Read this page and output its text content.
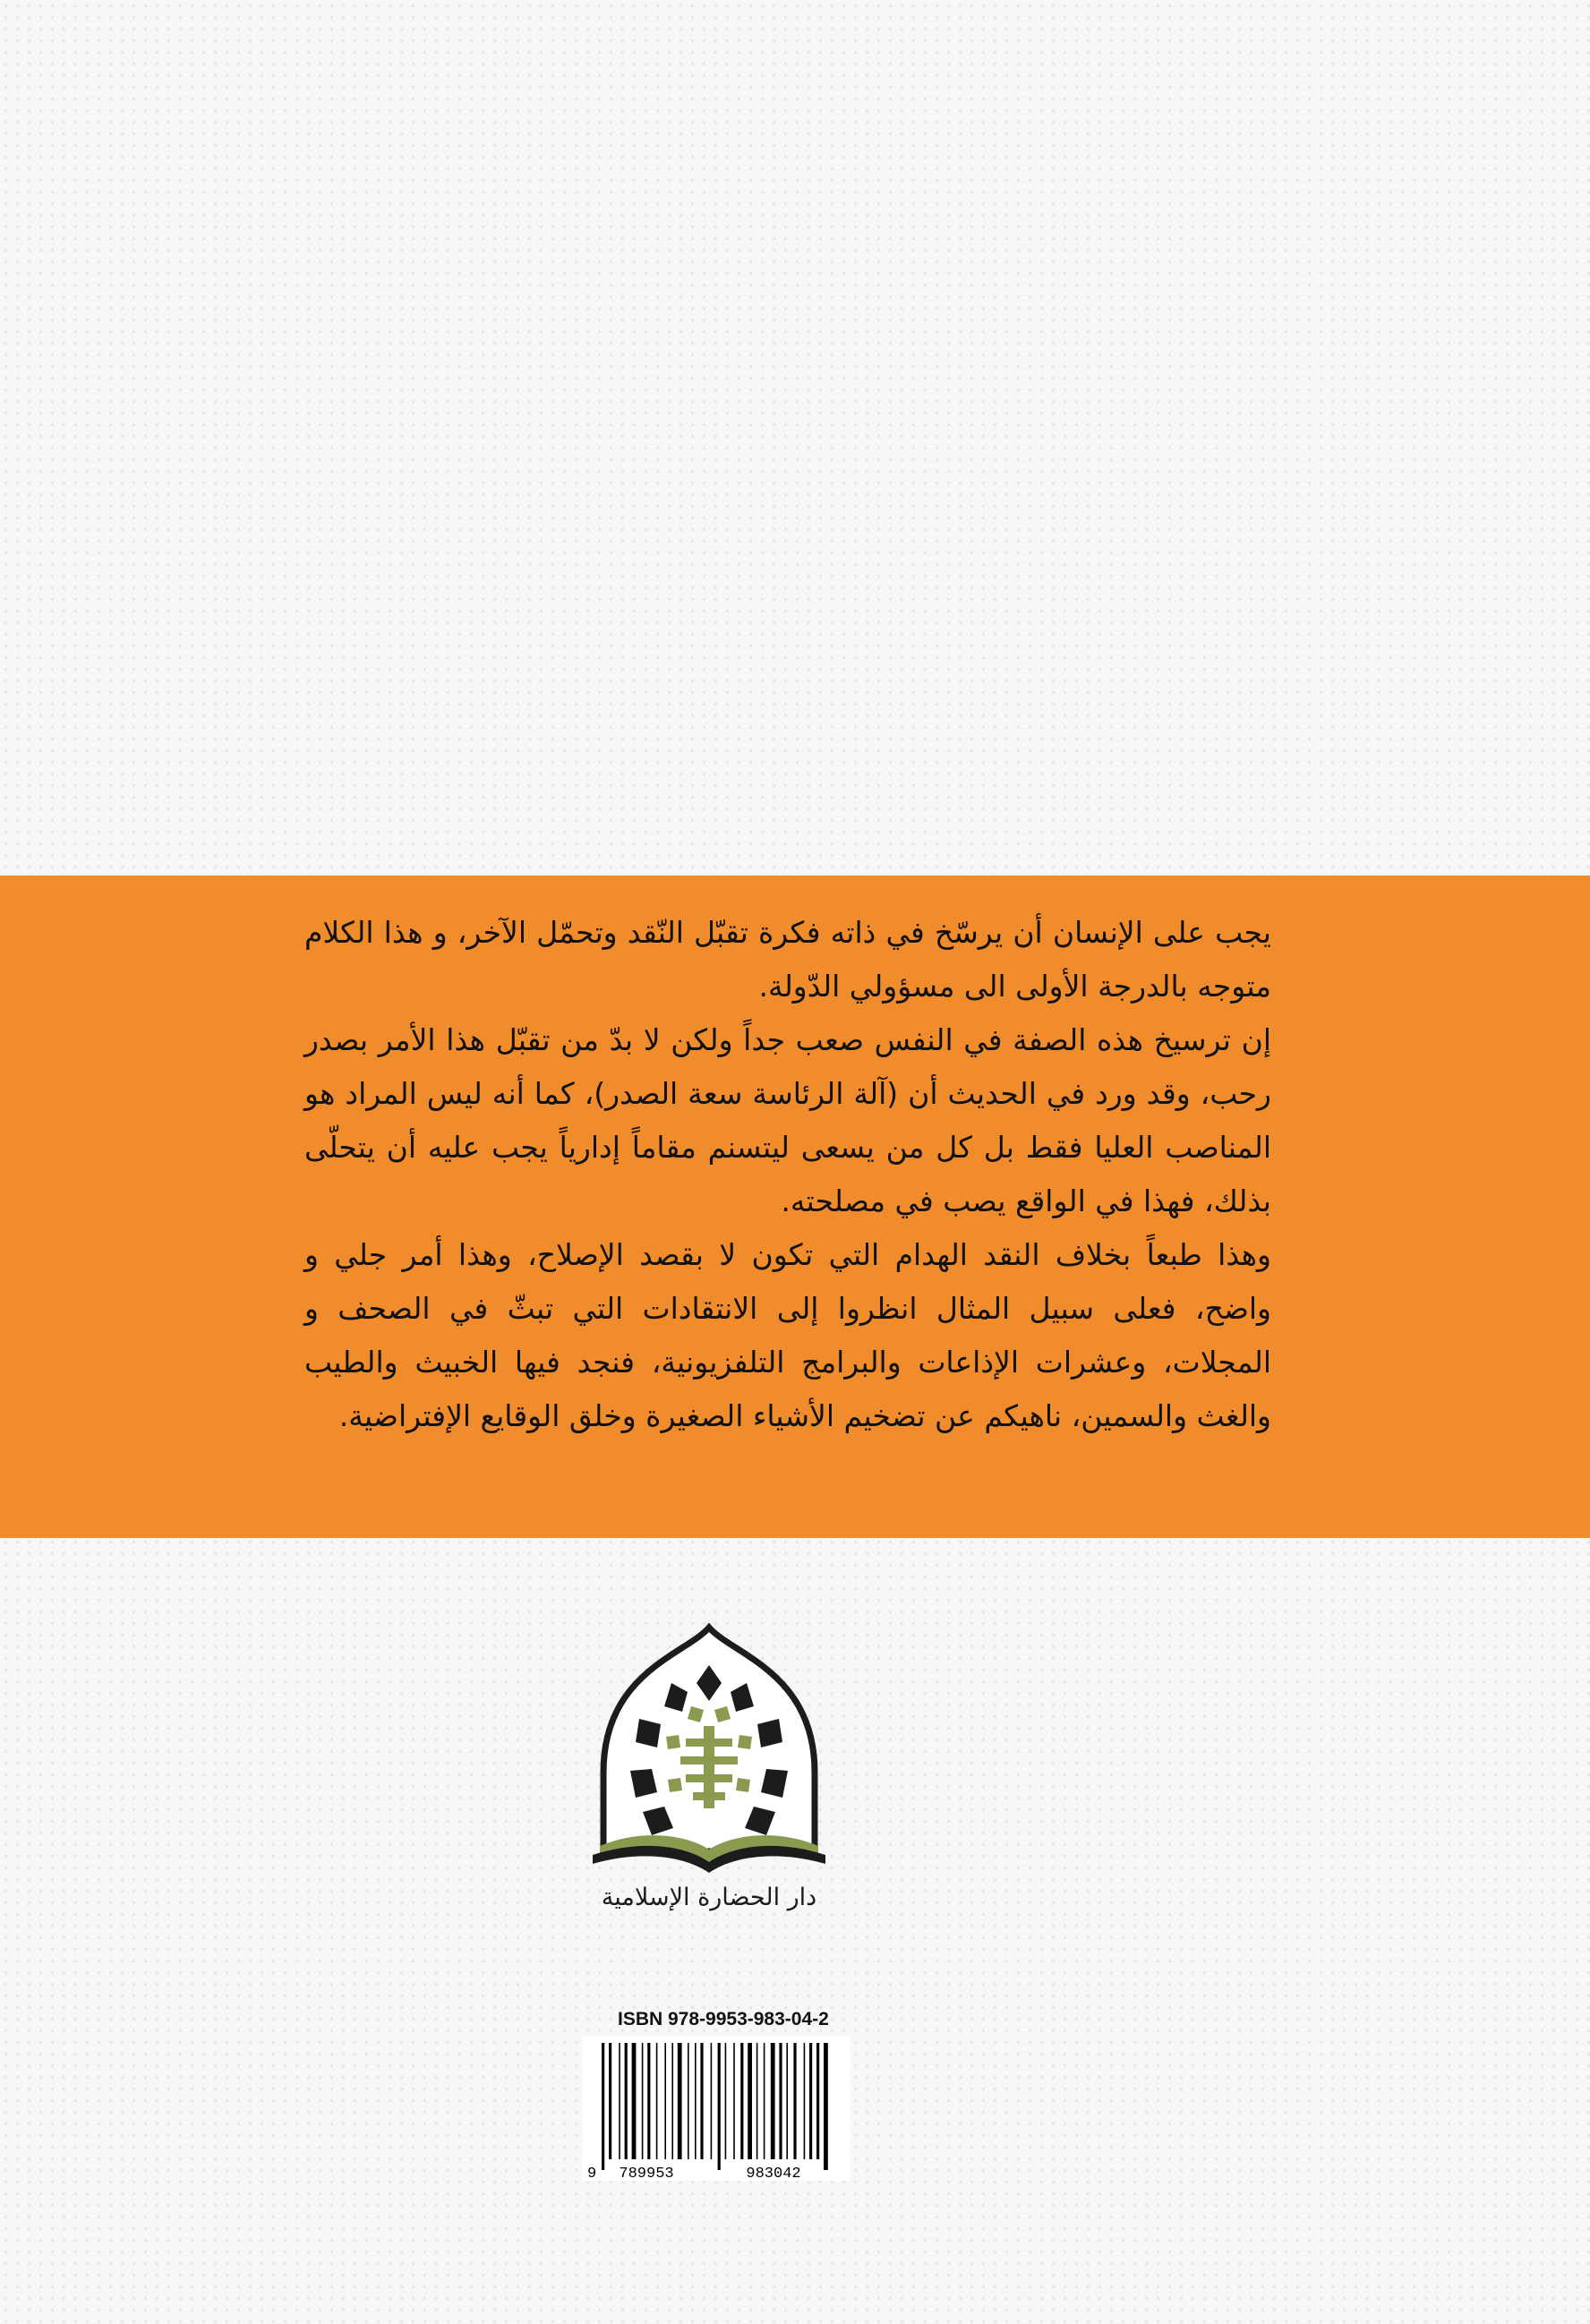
يجب على الإنسان أن يرسّخ في ذاته فكرة تقبّل النّقد وتحمّل الآخر، و هذا الكلام متوجه بالدرجة الأولى الى مسؤولي الدّولة.

إن ترسيخ هذه الصفة في النفس صعب جداً ولكن لا بدّ من تقبّل هذا الأمر بصدر رحب، وقد ورد في الحديث أن (آلة الرئاسة سعة الصدر)، كما أنه ليس المراد هو المناصب العليا فقط بل كل من يسعى ليتسنم مقاماً إدارياً يجب عليه أن يتحلّى بذلك، فهذا في الواقع يصب في مصلحته.

وهذا طبعاً بخلاف النقد الهدام التي تكون لا بقصد الإصلاح، وهذا أمر جلي و واضح، فعلى سبيل المثال انظروا إلى الانتقادات التي تبثّ في الصحف و المجلات، وعشرات الإذاعات والبرامج التلفزيونية، فنجد فيها الخبيث والطيب والغث والسمين، ناهيكم عن تضخيم الأشياء الصغيرة وخلق الوقايع الإفتراضية.

دار الحضارة الإسلامية
ISBN 978-9953-983-04-2
9 789953	983042
